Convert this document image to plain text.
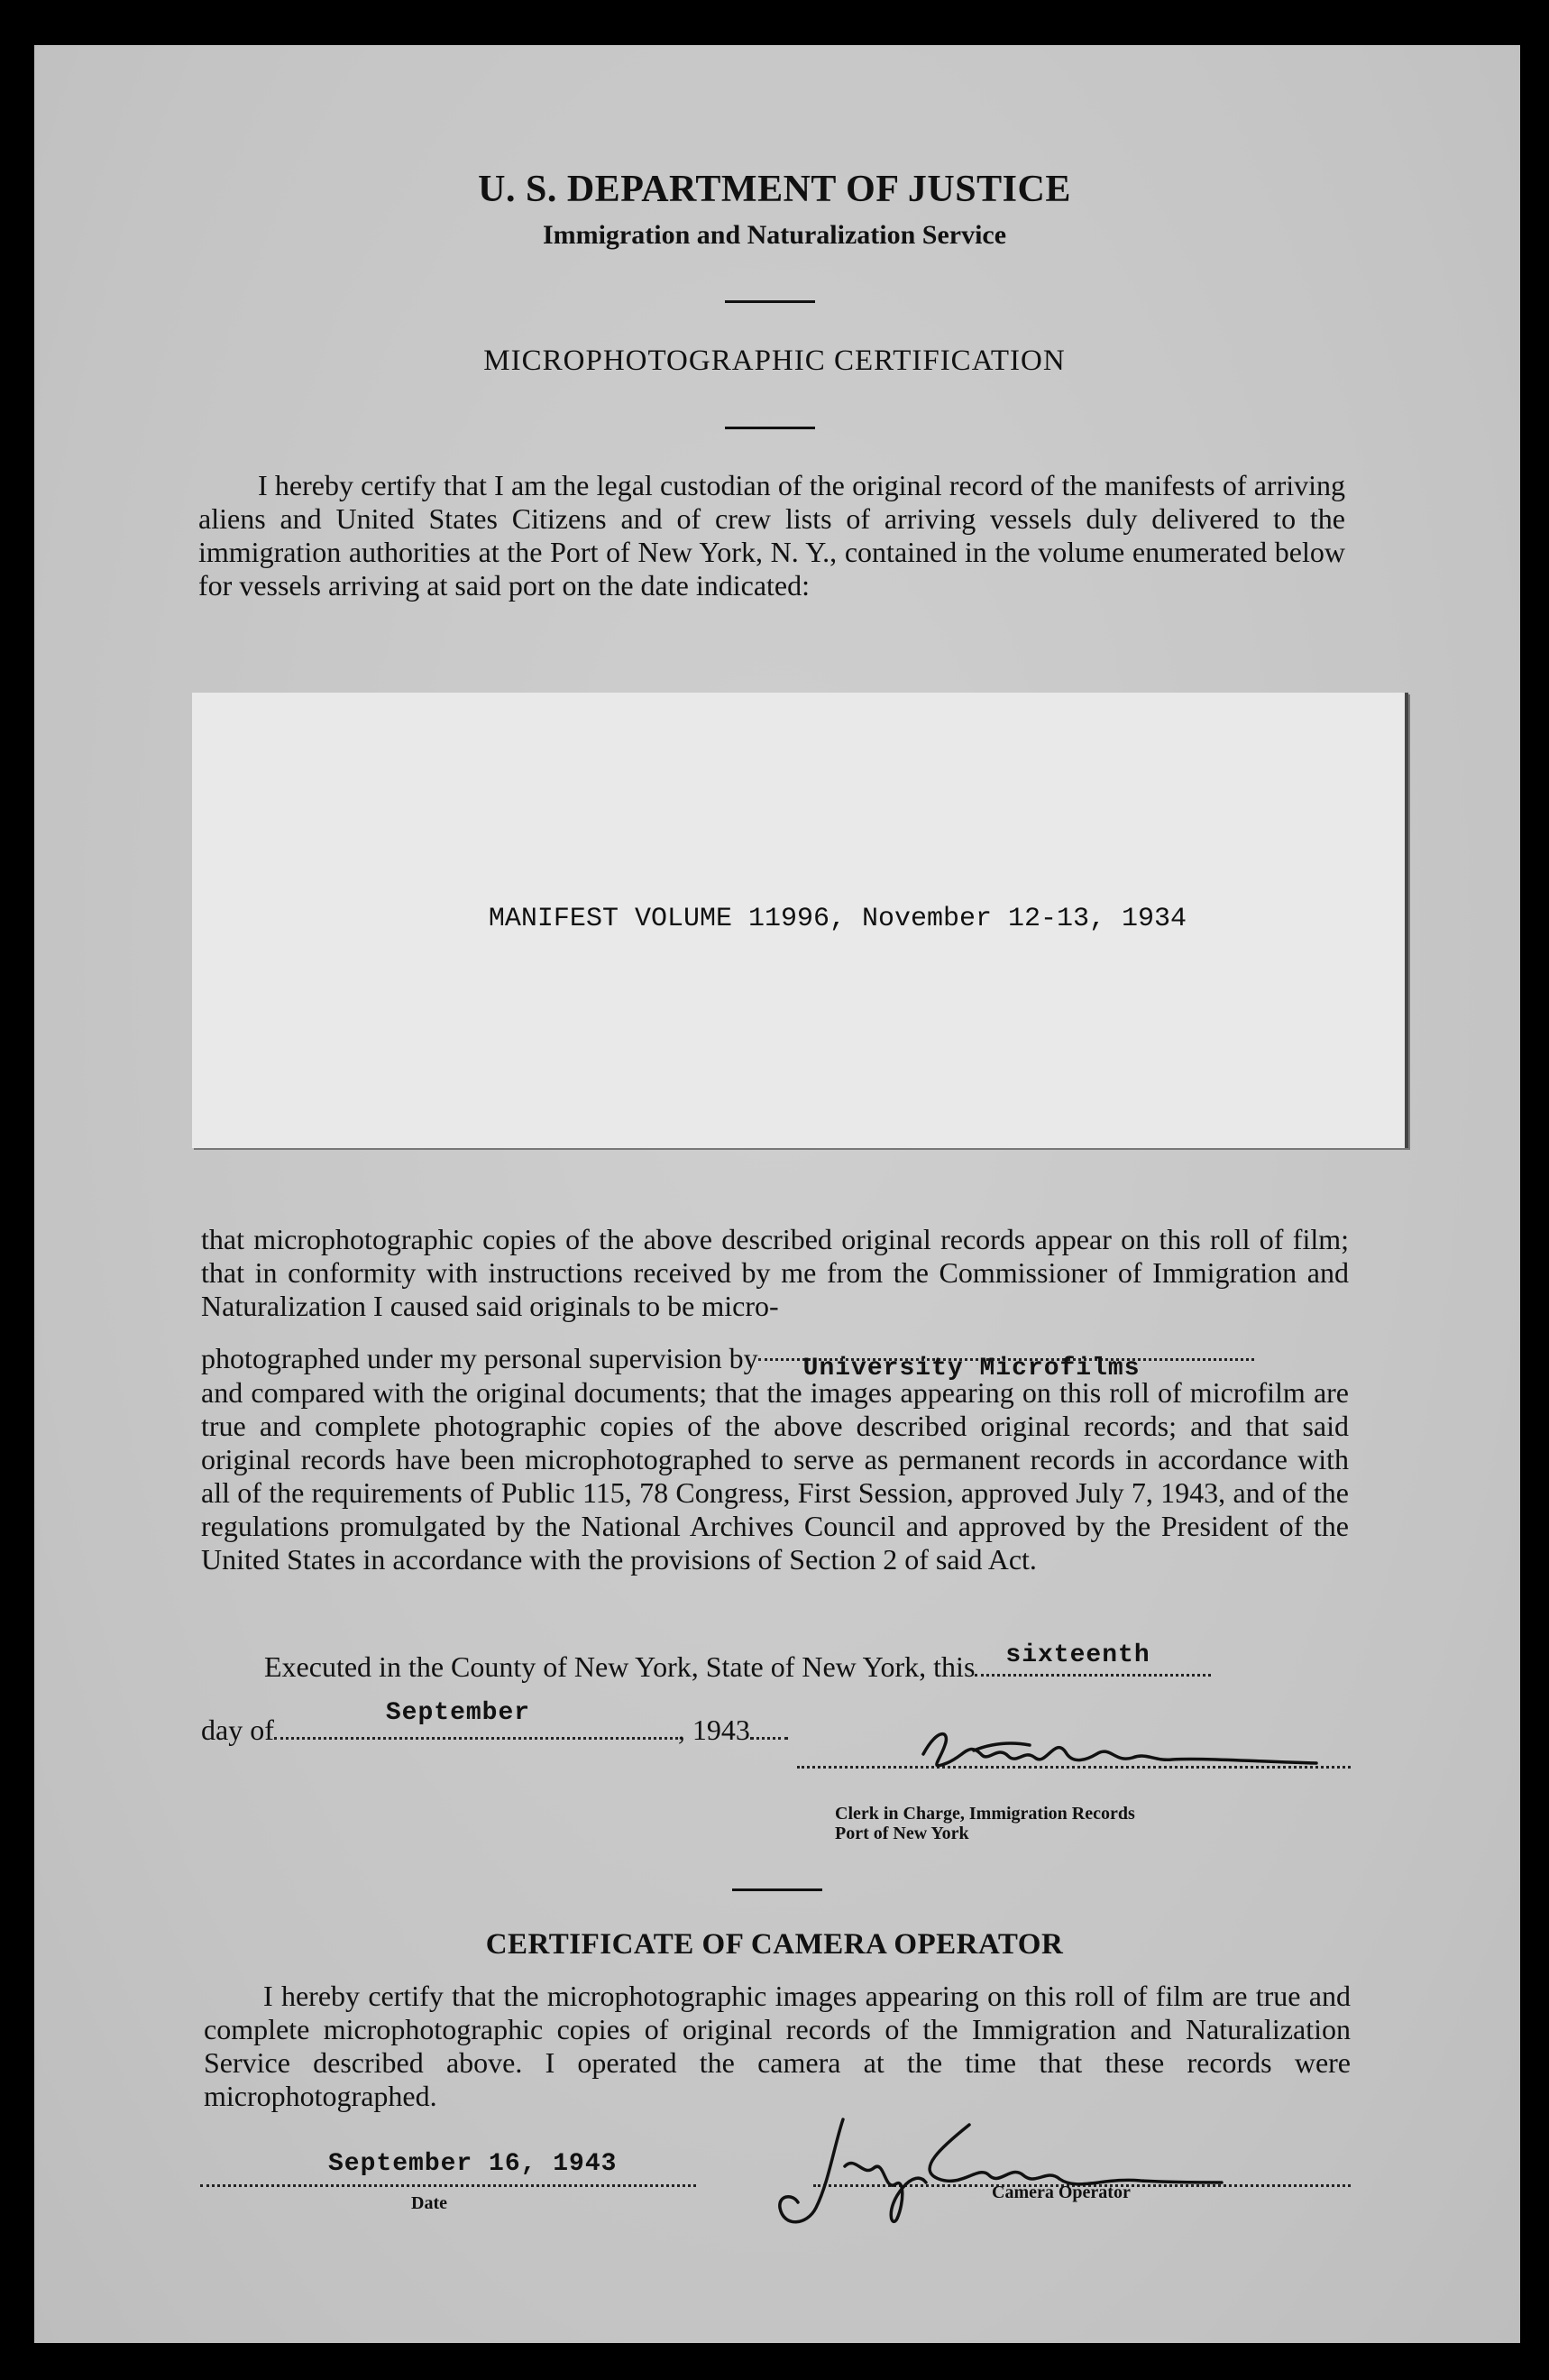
U. S. DEPARTMENT OF JUSTICE
Immigration and Naturalization Service
MICROPHOTOGRAPHIC CERTIFICATION
I hereby certify that I am the legal custodian of the original record of the manifests of arriving aliens and United States Citizens and of crew lists of arriving vessels duly delivered to the immigration authorities at the Port of New York, N. Y., contained in the volume enumerated below for vessels arriving at said port on the date indicated:
MANIFEST VOLUME 11996, November 12-13, 1934
that microphotographic copies of the above described original records appear on this roll of film; that in conformity with instructions received by me from the Commissioner of Immigration and Naturalization I caused said originals to be micro-
photographed under my personal supervision by University Microfilms
and compared with the original documents; that the images appearing on this roll of microfilm are true and complete photographic copies of the above described original records; and that said original records have been microphotographed to serve as permanent records in accordance with all of the requirements of Public 115, 78 Congress, First Session, approved July 7, 1943, and of the regulations promulgated by the National Archives Council and approved by the President of the United States in accordance with the provisions of Section 2 of said Act.
Executed in the County of New York, State of New York, this sixteenth
day of
September
, 1943
Clerk in Charge, Immigration Records
Port of New York
CERTIFICATE OF CAMERA OPERATOR
I hereby certify that the microphotographic images appearing on this roll of film are true and complete microphotographic copies of original records of the Immigration and Naturalization Service described above. I operated the camera at the time that these records were microphotographed.
September 16, 1943
Date
Camera Operator
